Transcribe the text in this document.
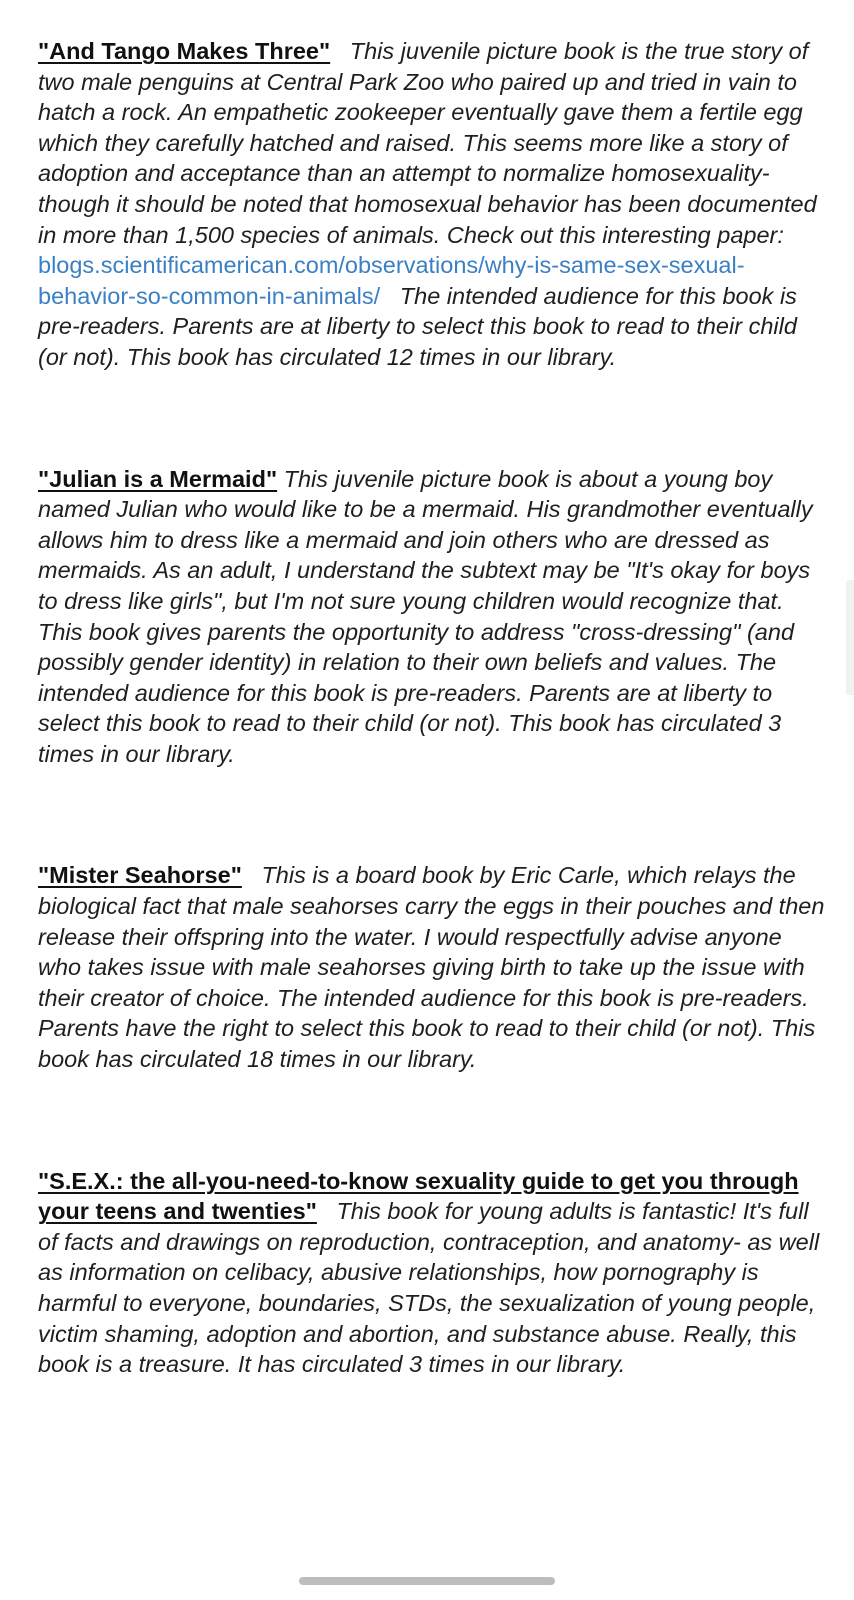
"And Tango Makes Three" This juvenile picture book is the true story of two male penguins at Central Park Zoo who paired up and tried in vain to hatch a rock. An empathetic zookeeper eventually gave them a fertile egg which they carefully hatched and raised. This seems more like a story of adoption and acceptance than an attempt to normalize homosexuality- though it should be noted that homosexual behavior has been documented in more than 1,500 species of animals. Check out this interesting paper: blogs.scientificamerican.com/observations/why-is-same-sex-sexual-behavior-so-common-in-animals/ The intended audience for this book is pre-readers. Parents are at liberty to select this book to read to their child (or not). This book has circulated 12 times in our library.

"Julian is a Mermaid" This juvenile picture book is about a young boy named Julian who would like to be a mermaid. His grandmother eventually allows him to dress like a mermaid and join others who are dressed as mermaids. As an adult, I understand the subtext may be "It's okay for boys to dress like girls", but I'm not sure young children would recognize that. This book gives parents the opportunity to address "cross-dressing" (and possibly gender identity) in relation to their own beliefs and values. The intended audience for this book is pre-readers. Parents are at liberty to select this book to read to their child (or not). This book has circulated 3 times in our library.

"Mister Seahorse" This is a board book by Eric Carle, which relays the biological fact that male seahorses carry the eggs in their pouches and then release their offspring into the water. I would respectfully advise anyone who takes issue with male seahorses giving birth to take up the issue with their creator of choice. The intended audience for this book is pre-readers. Parents have the right to select this book to read to their child (or not). This book has circulated 18 times in our library.

"S.E.X.: the all-you-need-to-know sexuality guide to get you through your teens and twenties" This book for young adults is fantastic! It's full of facts and drawings on reproduction, contraception, and anatomy- as well as information on celibacy, abusive relationships, how pornography is harmful to everyone, boundaries, STDs, the sexualization of young people, victim shaming, adoption and abortion, and substance abuse. Really, this book is a treasure. It has circulated 3 times in our library.
